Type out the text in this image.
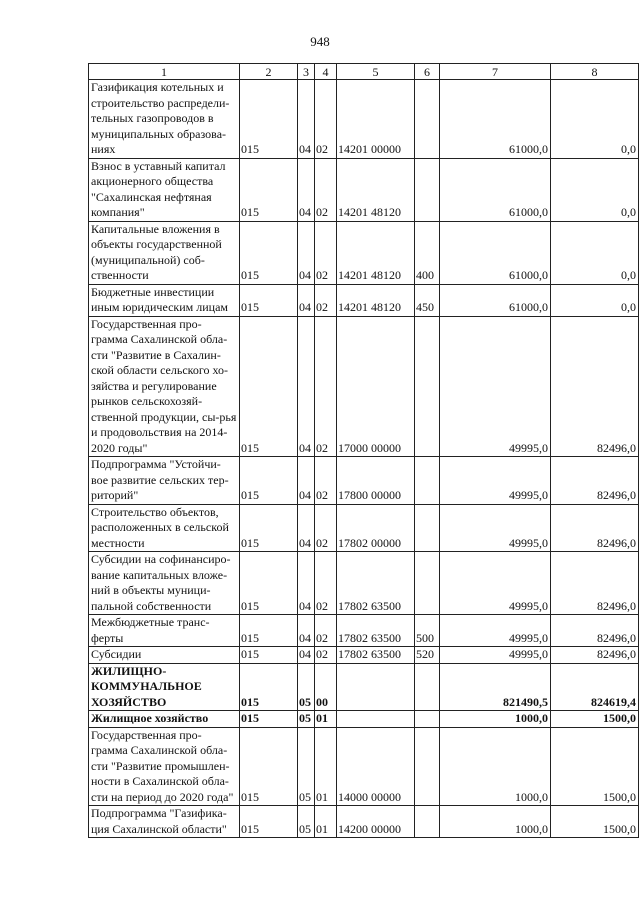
948
1	2	3	4	5	6	7	8
Газификация котельных и строительство распредели-тельных газопроводов в муниципальных образова-ниях	015	04	02	14201 00000		61000,0	0,0
Взнос в уставный капитал акционерного общества "Сахалинская нефтяная компания"	015	04	02	14201 48120		61000,0	0,0
Капитальные вложения в объекты государственной (муниципальной) соб-ственности	015	04	02	14201 48120	400	61000,0	0,0
Бюджетные инвестиции иным юридическим лицам	015	04	02	14201 48120	450	61000,0	0,0
Государственная про-грамма Сахалинской обла-сти "Развитие в Сахалин-ской области сельского хо-зяйства и регулирование рынков сельскохозяй-ственной продукции, сы-рья и продовольствия на 2014-2020 годы"	015	04	02	17000 00000		49995,0	82496,0
Подпрограмма "Устойчи-вое развитие сельских тер-риторий"	015	04	02	17800 00000		49995,0	82496,0
Строительство объектов, расположенных в сельской местности	015	04	02	17802 00000		49995,0	82496,0
Субсидии на софинансиро-вание капитальных вложе-ний в объекты муници-пальной собственности	015	04	02	17802 63500		49995,0	82496,0
Межбюджетные транс-ферты	015	04	02	17802 63500	500	49995,0	82496,0
Субсидии	015	04	02	17802 63500	520	49995,0	82496,0
ЖИЛИЩНО-КОММУНАЛЬНОЕ ХОЗЯЙСТВО	015	05	00			821490,5	824619,4
Жилищное хозяйство	015	05	01			1000,0	1500,0
Государственная про-грамма Сахалинской обла-сти "Развитие промышлен-ности в Сахалинской обла-сти на период до 2020 года"	015	05	01	14000 00000		1000,0	1500,0
Подпрограмма "Газифика-ция Сахалинской области"	015	05	01	14200 00000		1000,0	1500,0
